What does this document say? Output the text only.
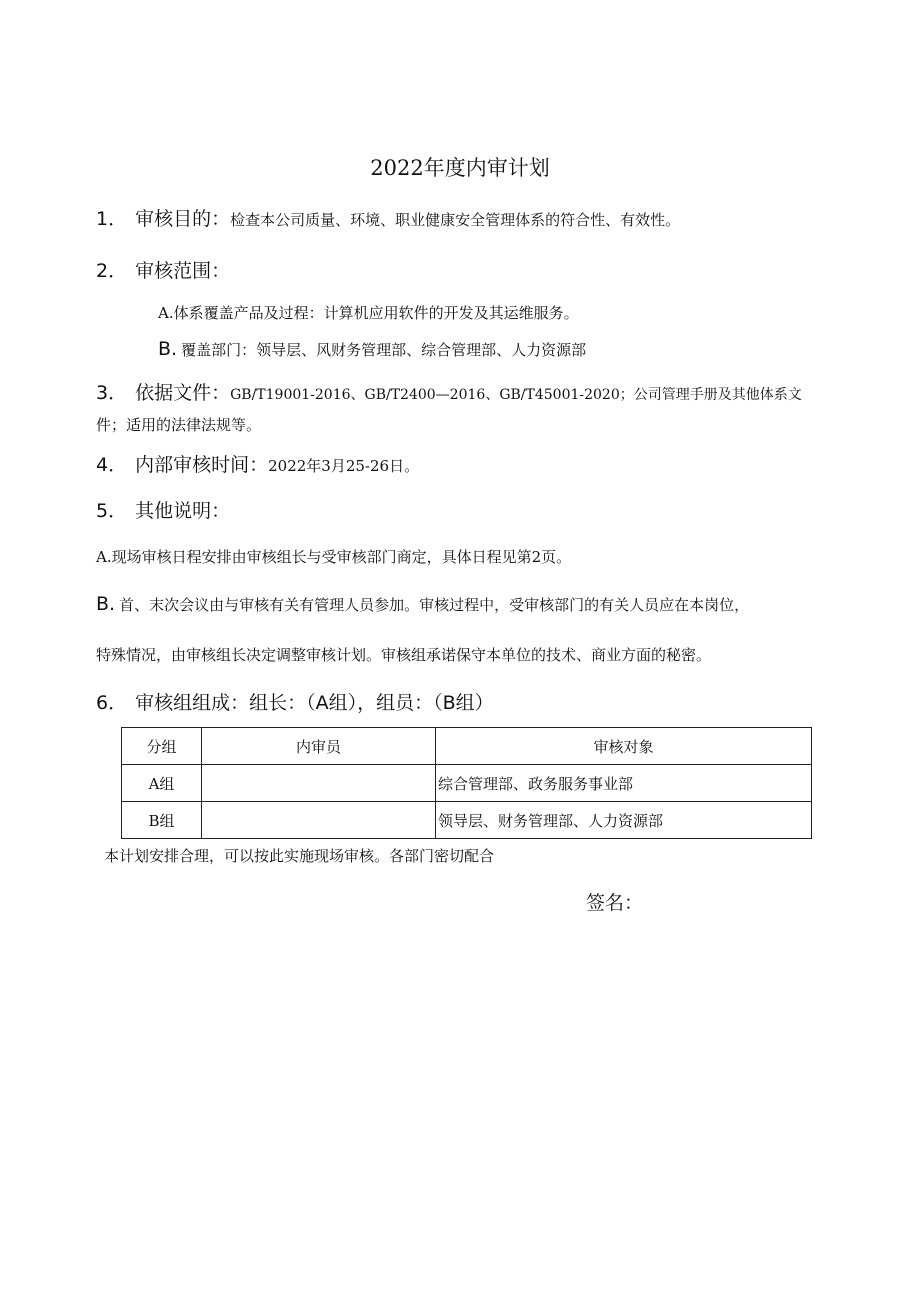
2022年度内审计划
1． 审核目的：检查本公司质量、环境、职业健康安全管理体系的符合性、有效性。
2． 审核范围：
A.体系覆盖产品及过程：计算机应用软件的开发及其运维服务。
B. 覆盖部门：领导层、风财务管理部、综合管理部、人力资源部
3． 依据文件：GB/T19001-2016、GB/T2400—2016、GB/T45001-2020；公司管理手册及其他体系文
件；适用的法律法规等。
4． 内部审核时间：2022年3月25-26日。
5． 其他说明：
A.现场审核日程安排由审核组长与受审核部门商定，具体日程见第2页。
B. 首、末次会议由与审核有关有管理人员参加。审核过程中，受审核部门的有关人员应在本岗位，
特殊情况，由审核组长决定调整审核计划。审核组承诺保守本单位的技术、商业方面的秘密。
6． 审核组组成：组长：（A组），组员：（B组）
分组	内审员	审核对象
A组		综合管理部、政务服务事业部
B组		领导层、财务管理部、人力资源部
本计划安排合理，可以按此实施现场审核。各部门密切配合
签名：
